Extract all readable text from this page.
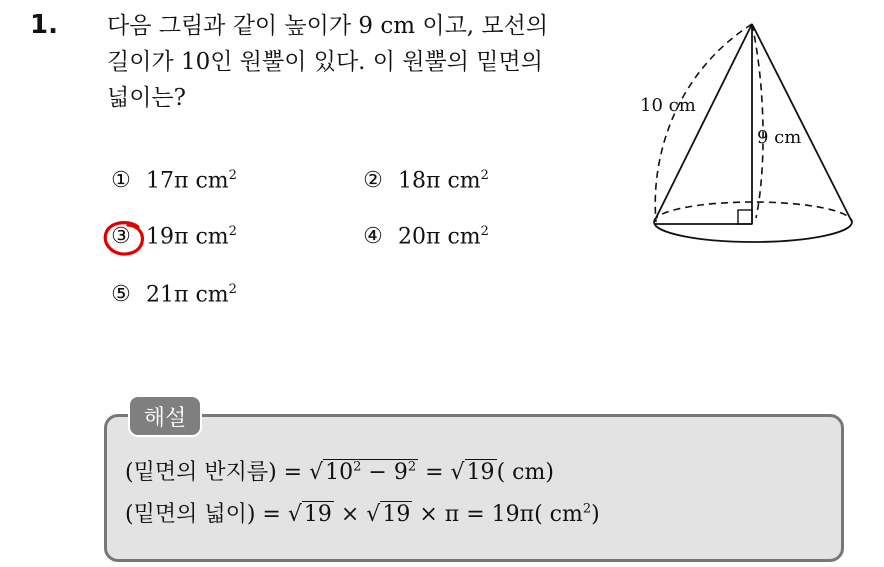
1. 다음 그림과 같이 높이가 9 cm 이고, 모선의
길이가 10인 원뿔이 있다. 이 원뿔의 밑면의
넓이는?
① 17π $cm^2$	② 18π $cm^2$
③ 19π $cm^2$	④ 20π $cm^2$
⑤ 21π $cm^2$
10 cm
9 cm
해설
(밑면의 반지름) = $√10^2 - 9^2 = √19$( cm)
(밑면의 넓이) = √19 × √19 × π = 19π( $cm^2$)
